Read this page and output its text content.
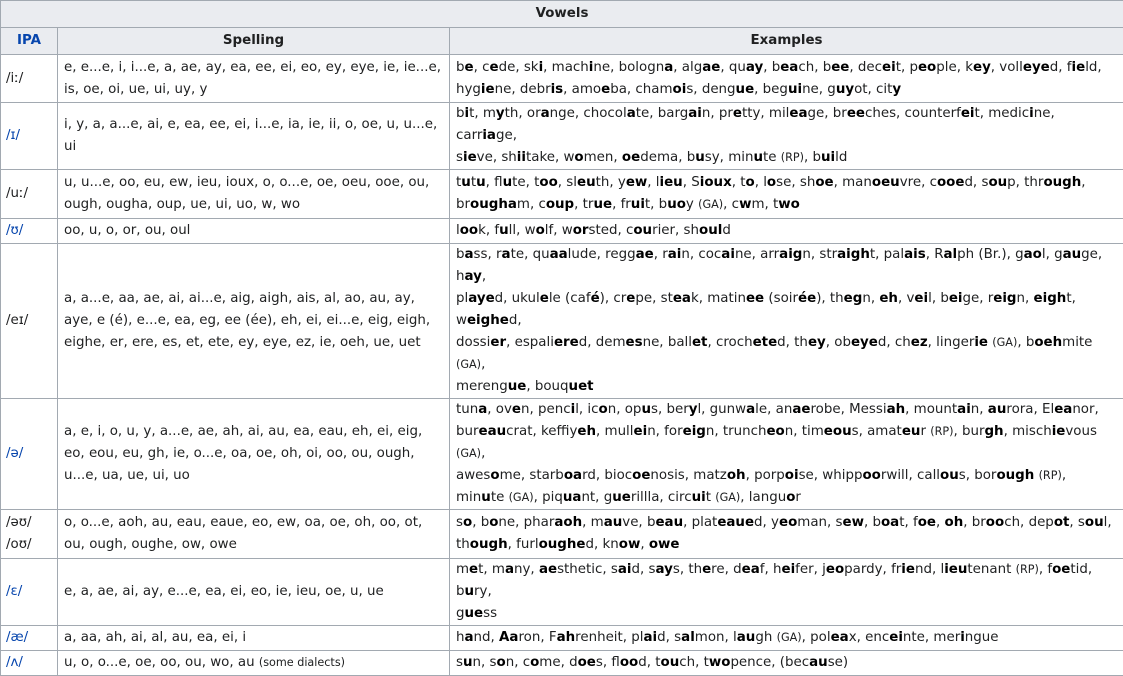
Vowels		
IPA	Spelling	Examples
/iː/	e, e...e, i, i...e, a, ae, ay, ea, ee, ei, eo, ey, eye, ie, ie...e, is, oe, oi, ue, ui, uy, y	be, cede, ski, machine, bologna, algae, quay, beach, bee, deceit, people, key, volleyed, field,
hygiene, debris, amoeba, chamois, dengue, beguine, guyot, city
/ɪ/	i, y, a, a...e, ai, e, ea, ee, ei, i...e, ia, ie, ii, o, oe, u, u...e, ui	bit, myth, orange, chocolate, bargain, pretty, mileage, breeches, counterfeit, medicine, carriage,
sieve, shiitake, women, oedema, busy, minute (RP), build
/uː/	u, u...e, oo, eu, ew, ieu, ioux, o, o...e, oe, oeu, ooe, ou, ough, ougha, oup, ue, ui, uo, w, wo	tutu, flute, too, sleuth, yew, lieu, Sioux, to, lose, shoe, manoeuvre, cooed, soup, through,
brougham, coup, true, fruit, buoy (GA), cwm, two
/ʊ/	oo, u, o, or, ou, oul	look, full, wolf, worsted, courier, should
/eɪ/	a, a...e, aa, ae, ai, ai...e, aig, aigh, ais, al, ao, au, ay, aye, e (é), e...e, ea, eg, ee (ée), eh, ei, ei...e, eig, eigh, eighe, er, ere, es, et, ete, ey, eye, ez, ie, oeh, ue, uet	bass, rate, quaalude, reggae, rain, cocaine, arraign, straight, palais, Ralph (Br.), gaol, gauge, hay,
played, ukulele (café), crepe, steak, matinee (soirée), thegn, eh, veil, beige, reign, eight, weighed,
dossier, espaliered, demesne, ballet, crocheted, they, obeyed, chez, lingerie (GA), boehmite (GA),
merengue, bouquet
/ə/	a, e, i, o, u, y, a...e, ae, ah, ai, au, ea, eau, eh, ei, eig, eo, eou, eu, gh, ie, o...e, oa, oe, oh, oi, oo, ou, ough, u...e, ua, ue, ui, uo	tuna, oven, pencil, icon, opus, beryl, gunwale, anaerobe, Messiah, mountain, aurora, Eleanor,
bureaucrat, keffiyeh, mullein, foreign, truncheon, timeous, amateur (RP), burgh, mischievous (GA),
awesome, starboard, biocoenosis, matzoh, porpoise, whippoorwill, callous, borough (RP),
minute (GA), piquant, guerillla, circuit (GA), languor
/əʊ/
/oʊ/	o, o...e, aoh, au, eau, eaue, eo, ew, oa, oe, oh, oo, ot, ou, ough, oughe, ow, owe	so, bone, pharaoh, mauve, beau, plateaued, yeoman, sew, boat, foe, oh, brooch, depot, soul,
though, furloughed, know, owe
/ɛ/	e, a, ae, ai, ay, e...e, ea, ei, eo, ie, ieu, oe, u, ue	met, many, aesthetic, said, says, there, deaf, heifer, jeopardy, friend, lieutenant (RP), foetid, bury,
guess
/æ/	a, aa, ah, ai, al, au, ea, ei, i	hand, Aaron, Fahrenheit, plaid, salmon, laugh (GA), poleax, enceinte, meringue
/ʌ/	u, o, o...e, oe, oo, ou, wo, au (some dialects)	sun, son, come, does, flood, touch, twopence, (because)
